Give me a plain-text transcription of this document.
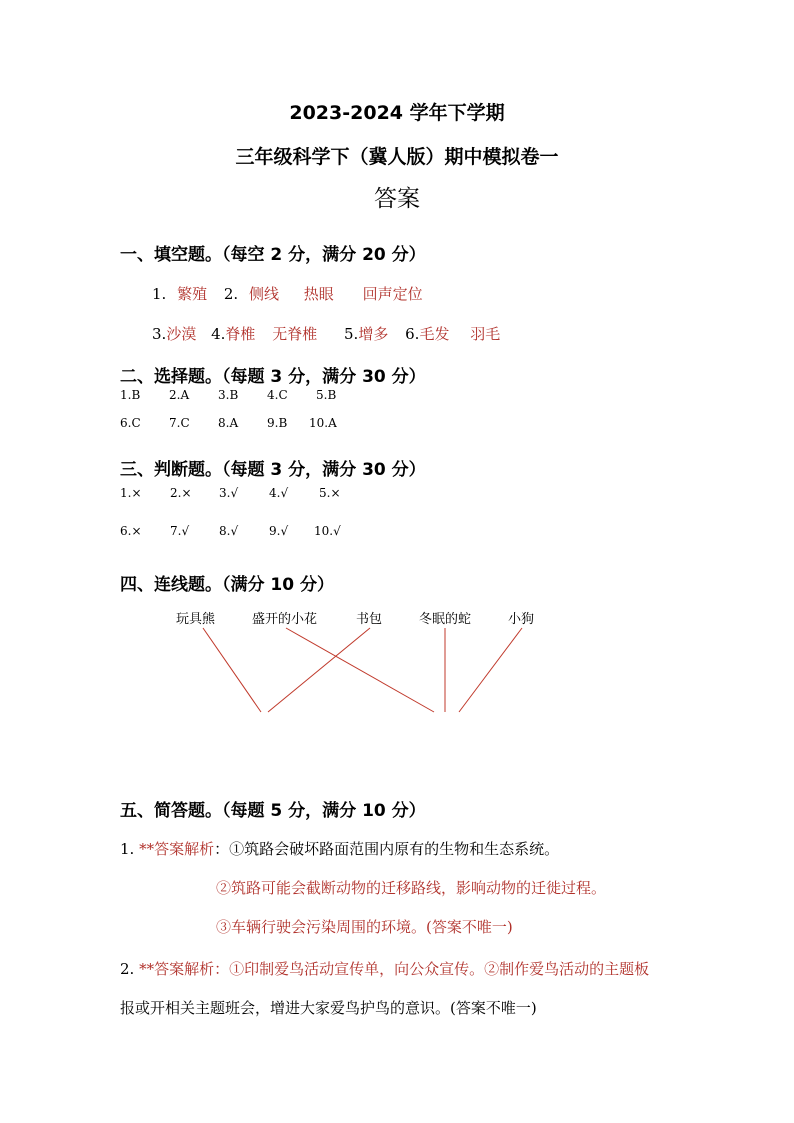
2023-2024 学年下学期
三年级科学下（冀人版）期中模拟卷一
答案
一、填空题。（每空 2 分，满分 20 分）
1. 繁殖 2. 侧线 热眼 回声定位
3.沙漠 4.脊椎 无脊椎 5.增多 6.毛发 羽毛
二、选择题。（每题 3 分，满分 30 分）
1.B 2.A 3.B 4.C 5.B
6.C 7.C 8.A 9.B 10.A
三、判断题。（每题 3 分，满分 30 分）
1.× 2.× 3.√	4.√	5.×
6.× 7.√ 8.√	9.√ 10.√
四、连线题。（满分 10 分）
玩具熊	盛开的小花	书包	冬眠的蛇	小狗
五、简答题。（每题 5 分，满分 10 分）
1. **答案解析：①筑路会破坏路面范围内原有的生物和生态系统。
②筑路可能会截断动物的迁移路线，影响动物的迁徙过程。
③车辆行驶会污染周围的环境。(答案不唯一)
2. **答案解析：①印制爱鸟活动宣传单，向公众宣传。②制作爱鸟活动的主题板
报或开相关主题班会，增进大家爱鸟护鸟的意识。(答案不唯一)
